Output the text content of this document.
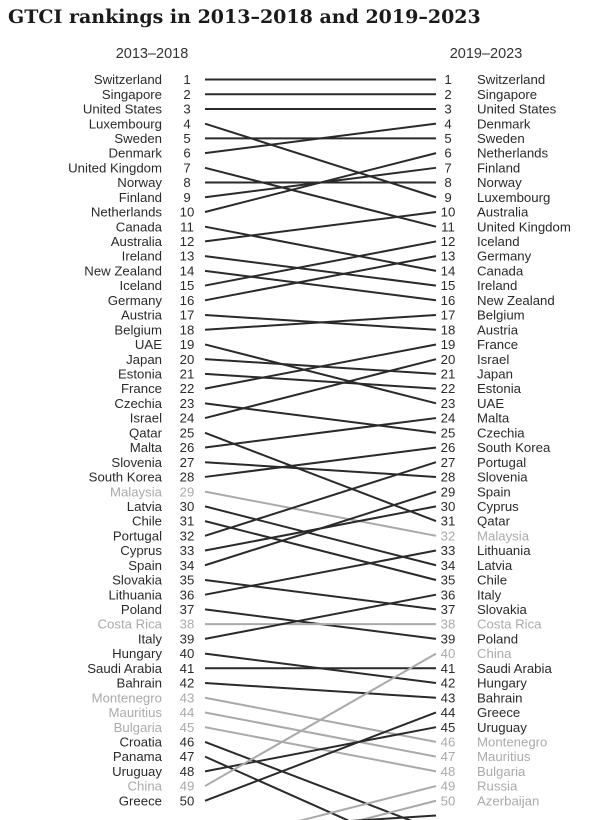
GTCI rankings in 2013–2018 and 2019–2023
2013–2018	2019–2023
Switzerland 1
Singapore 2
United States 3
Luxembourg 4
Sweden 5
Denmark 6
United Kingdom 7
Norway 8
Finland 9
Netherlands 10
Canada 11
Australia 12
Ireland 13
New Zealand 14
Iceland 15
Germany 16
Austria 17
Belgium 18
UAE 19
Japan 20
Estonia 21
France 22
Czechia 23
Israel 24
Qatar 25
Malta 26
Slovenia 27
South Korea 28
Malaysia 29
Latvia 30
Chile 31
Portugal 32
Cyprus 33
Spain 34
Slovakia 35
Lithuania 36
Poland 37
Costa Rica 38
Italy 39
Hungary 40
Saudi Arabia 41
Bahrain 42
Montenegro 43
Mauritius 44
Bulgaria 45
Croatia 46
Panama 47
Uruguay 48
China 49
Greece 50
1 Switzerland
2 Singapore
3 United States
4 Denmark
5 Sweden
6 Netherlands
7 Finland
8 Norway
9 Luxembourg
10 Australia
11 United Kingdom
12 Iceland
13 Germany
14 Canada
15 Ireland
16 New Zealand
17 Belgium
18 Austria
19 France
20 Israel
21 Japan
22 Estonia
23 UAE
24 Malta
25 Czechia
26 South Korea
27 Portugal
28 Slovenia
29 Spain
30 Cyprus
31 Qatar
32 Malaysia
33 Lithuania
34 Latvia
35 Chile
36 Italy
37 Slovakia
38 Costa Rica
39 Poland
40 China
41 Saudi Arabia
42 Hungary
43 Bahrain
44 Greece
45 Uruguay
46 Montenegro
47 Mauritius
48 Bulgaria
49 Russia
50 Azerbaijan
